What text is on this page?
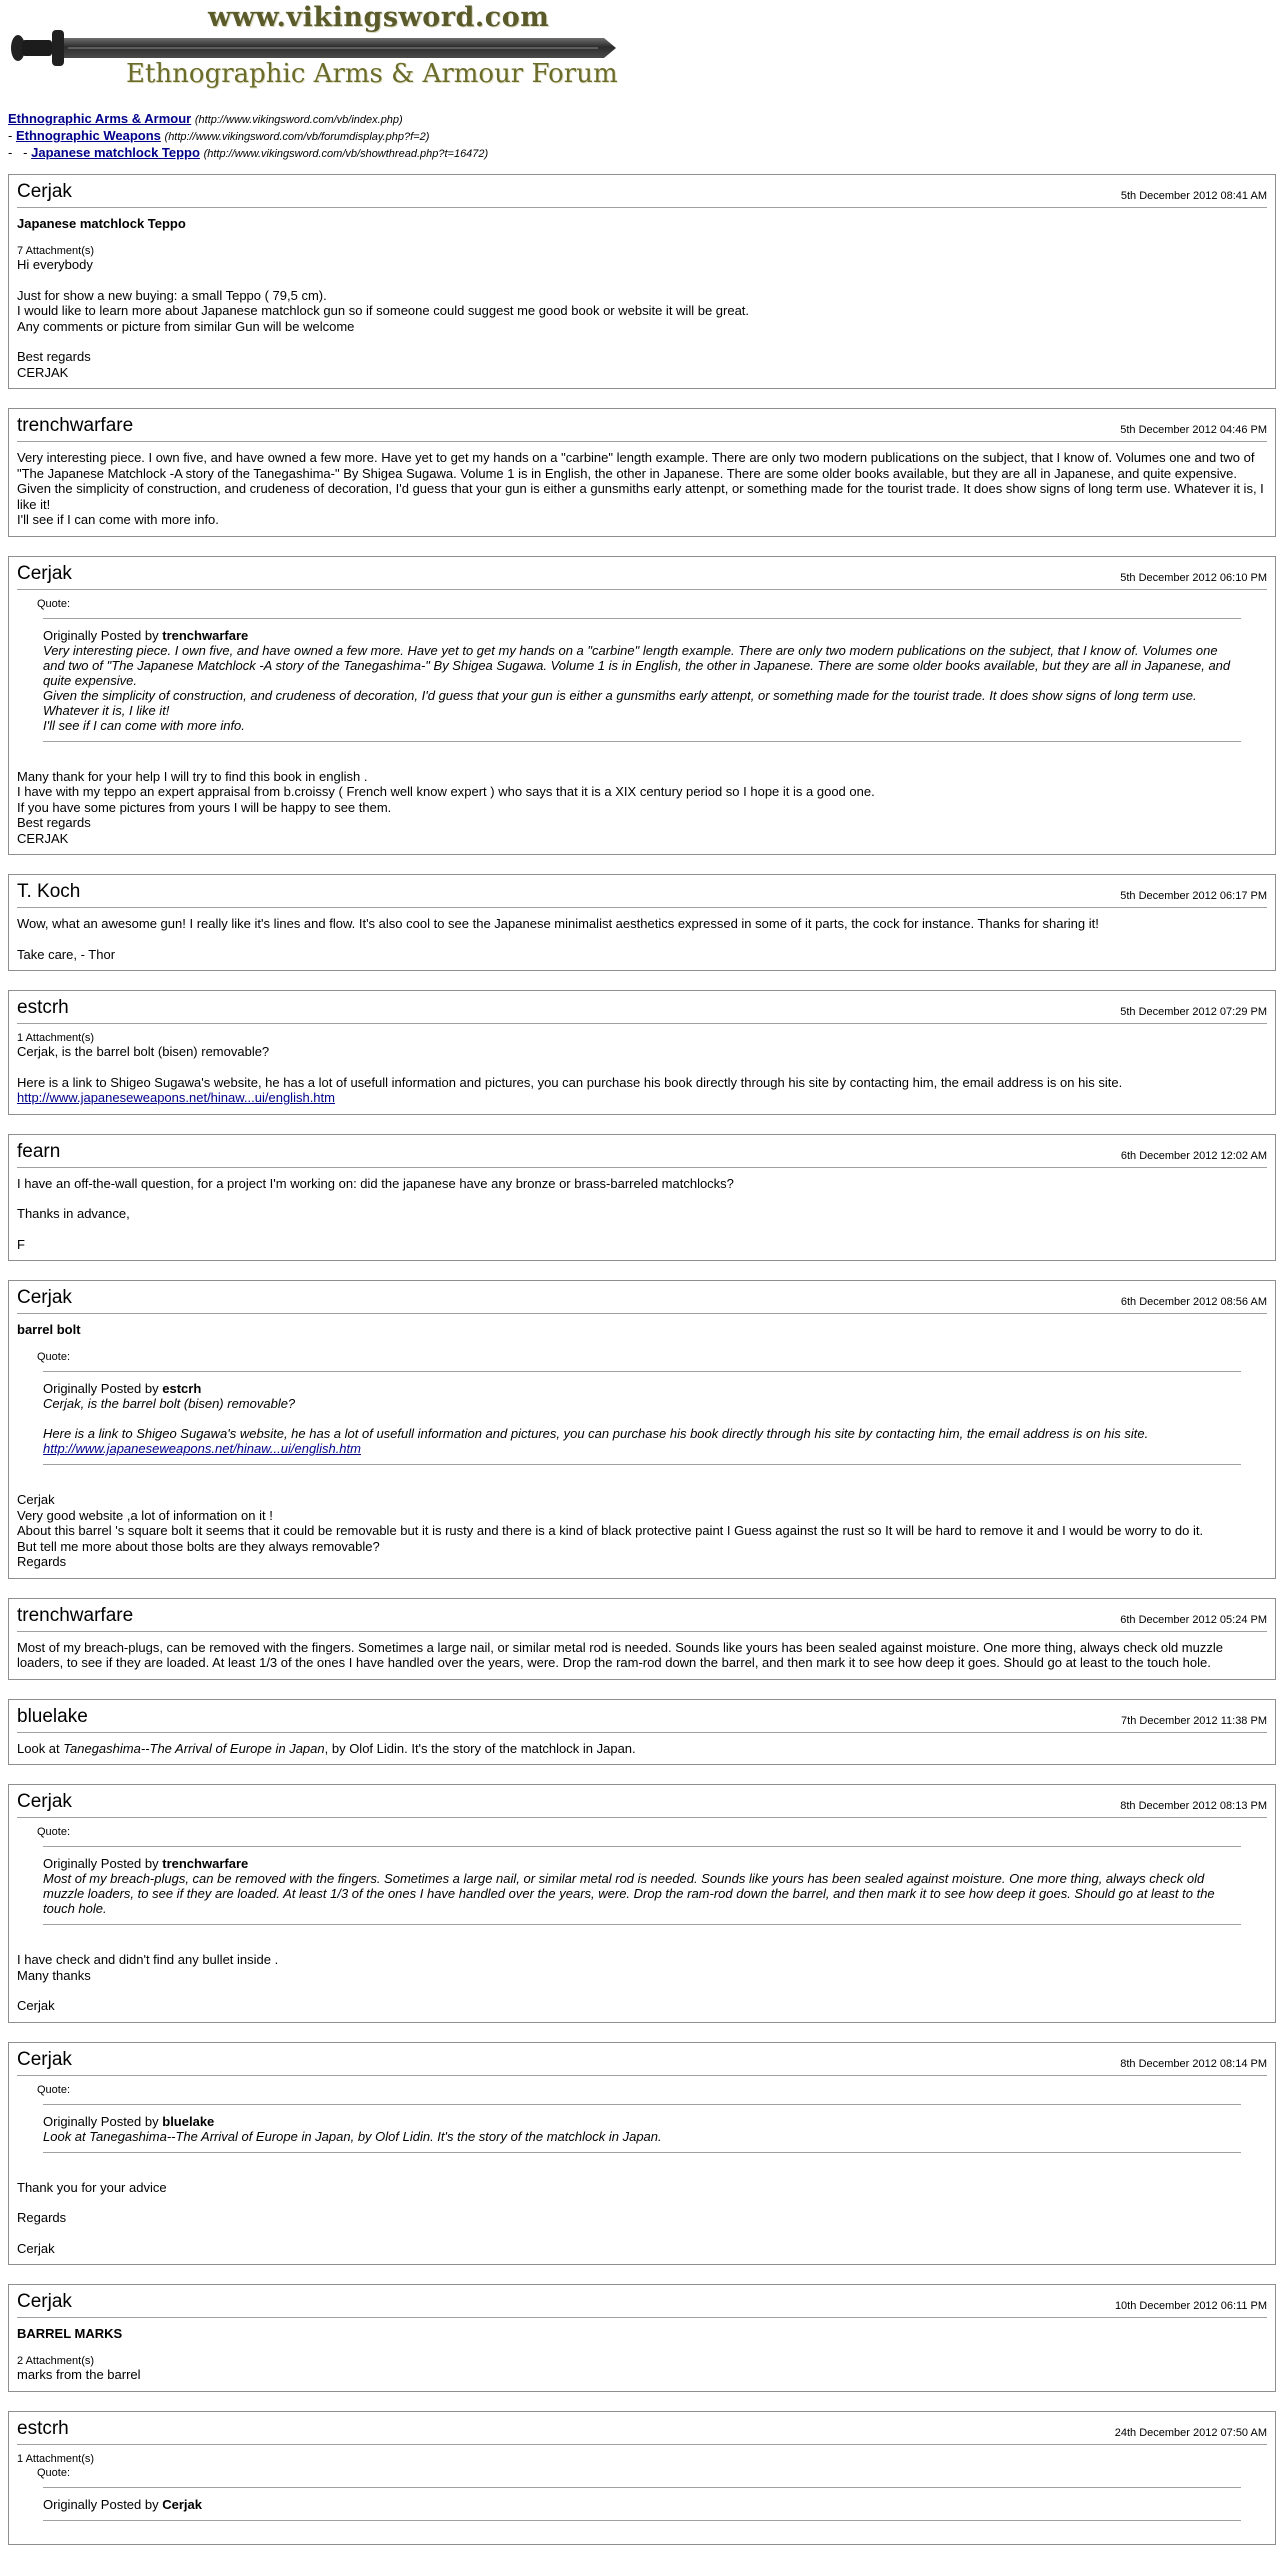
www.vikingsword.com
Ethnographic Arms & Armour Forum
Ethnographic Arms & Armour (http://www.vikingsword.com/vb/index.php)
- Ethnographic Weapons (http://www.vikingsword.com/vb/forumdisplay.php?f=2)
-   - Japanese matchlock Teppo (http://www.vikingsword.com/vb/showthread.php?t=16472)
Cerjak	5th December 2012 08:41 AM
Japanese matchlock Teppo
7 Attachment(s)

Hi everybody

Just for show a new buying: a small Teppo ( 79,5 cm).
I would like to learn more about Japanese matchlock gun so if someone could suggest me good book or website it will be great.
Any comments or picture from similar Gun will be welcome

Best regards
CERJAK

trenchwarfare	5th December 2012 04:46 PM

Very interesting piece. I own five, and have owned a few more. Have yet to get my hands on a "carbine" length example. There are only two modern publications on the subject, that I know of. Volumes one and two of "The Japanese Matchlock -A story of the Tanegashima-" By Shigea Sugawa. Volume 1 is in English, the other in Japanese. There are some older books available, but they are all in Japanese, and quite expensive.
Given the simplicity of construction, and crudeness of decoration, I'd guess that your gun is either a gunsmiths early attenpt, or something made for the tourist trade. It does show signs of long term use. Whatever it is, I like it!
I'll see if I can come with more info.

Cerjak	5th December 2012 06:10 PM
Quote:
Originally Posted by trenchwarfare

Very interesting piece. I own five, and have owned a few more. Have yet to get my hands on a "carbine" length example. There are only two modern publications on the subject, that I know of. Volumes one and two of "The Japanese Matchlock -A story of the Tanegashima-" By Shigea Sugawa. Volume 1 is in English, the other in Japanese. There are some older books available, but they are all in Japanese, and quite expensive.
Given the simplicity of construction, and crudeness of decoration, I'd guess that your gun is either a gunsmiths early attenpt, or something made for the tourist trade. It does show signs of long term use. Whatever it is, I like it!
I'll see if I can come with more info.

Many thank for your help I will try to find this book in english .
I have with my teppo an expert appraisal from b.croissy ( French well know expert ) who says that it is a XIX century period so I hope it is a good one.
If you have some pictures from yours I will be happy to see them.
Best regards
CERJAK

T. Koch	5th December 2012 06:17 PM

Wow, what an awesome gun! I really like it's lines and flow. It's also cool to see the Japanese minimalist aesthetics expressed in some of it parts, the cock for instance. Thanks for sharing it!

Take care, - Thor

estcrh	5th December 2012 07:29 PM
1 Attachment(s)

Cerjak, is the barrel bolt (bisen) removable?

Here is a link to Shigeo Sugawa's website, he has a lot of usefull information and pictures, you can purchase his book directly through his site by contacting him, the email address is on his site.
http://www.japaneseweapons.net/hinaw...ui/english.htm

fearn	6th December 2012 12:02 AM

I have an off-the-wall question, for a project I'm working on: did the japanese have any bronze or brass-barreled matchlocks?

Thanks in advance,

F

Cerjak	6th December 2012 08:56 AM
barrel bolt
Quote:
Originally Posted by estcrh

Cerjak, is the barrel bolt (bisen) removable?

Here is a link to Shigeo Sugawa's website, he has a lot of usefull information and pictures, you can purchase his book directly through his site by contacting him, the email address is on his site.
http://www.japaneseweapons.net/hinaw...ui/english.htm

Cerjak
Very good website ,a lot of information on it !
About this barrel 's square bolt it seems that it could be removable but it is rusty and there is a kind of black protective paint I Guess against the rust so It will be hard to remove it and I would be worry to do it.
But tell me more about those bolts are they always removable?
Regards

trenchwarfare	6th December 2012 05:24 PM

Most of my breach-plugs, can be removed with the fingers. Sometimes a large nail, or similar metal rod is needed. Sounds like yours has been sealed against moisture. One more thing, always check old muzzle loaders, to see if they are loaded. At least 1/3 of the ones I have handled over the years, were. Drop the ram-rod down the barrel, and then mark it to see how deep it goes. Should go at least to the touch hole.

bluelake	7th December 2012 11:38 PM

Look at Tanegashima--The Arrival of Europe in Japan, by Olof Lidin. It's the story of the matchlock in Japan.

Cerjak	8th December 2012 08:13 PM
Quote:
Originally Posted by trenchwarfare

Most of my breach-plugs, can be removed with the fingers. Sometimes a large nail, or similar metal rod is needed. Sounds like yours has been sealed against moisture. One more thing, always check old muzzle loaders, to see if they are loaded. At least 1/3 of the ones I have handled over the years, were. Drop the ram-rod down the barrel, and then mark it to see how deep it goes. Should go at least to the touch hole.

I have check and didn't find any bullet inside .
Many thanks

Cerjak

Cerjak	8th December 2012 08:14 PM
Quote:
Originally Posted by bluelake

Look at Tanegashima--The Arrival of Europe in Japan, by Olof Lidin. It's the story of the matchlock in Japan.

Thank you for your advice

Regards

Cerjak

Cerjak	10th December 2012 06:11 PM
BARREL MARKS
2 Attachment(s)

marks from the barrel

estcrh	24th December 2012 07:50 AM
1 Attachment(s)
Quote:
Originally Posted by Cerjak
